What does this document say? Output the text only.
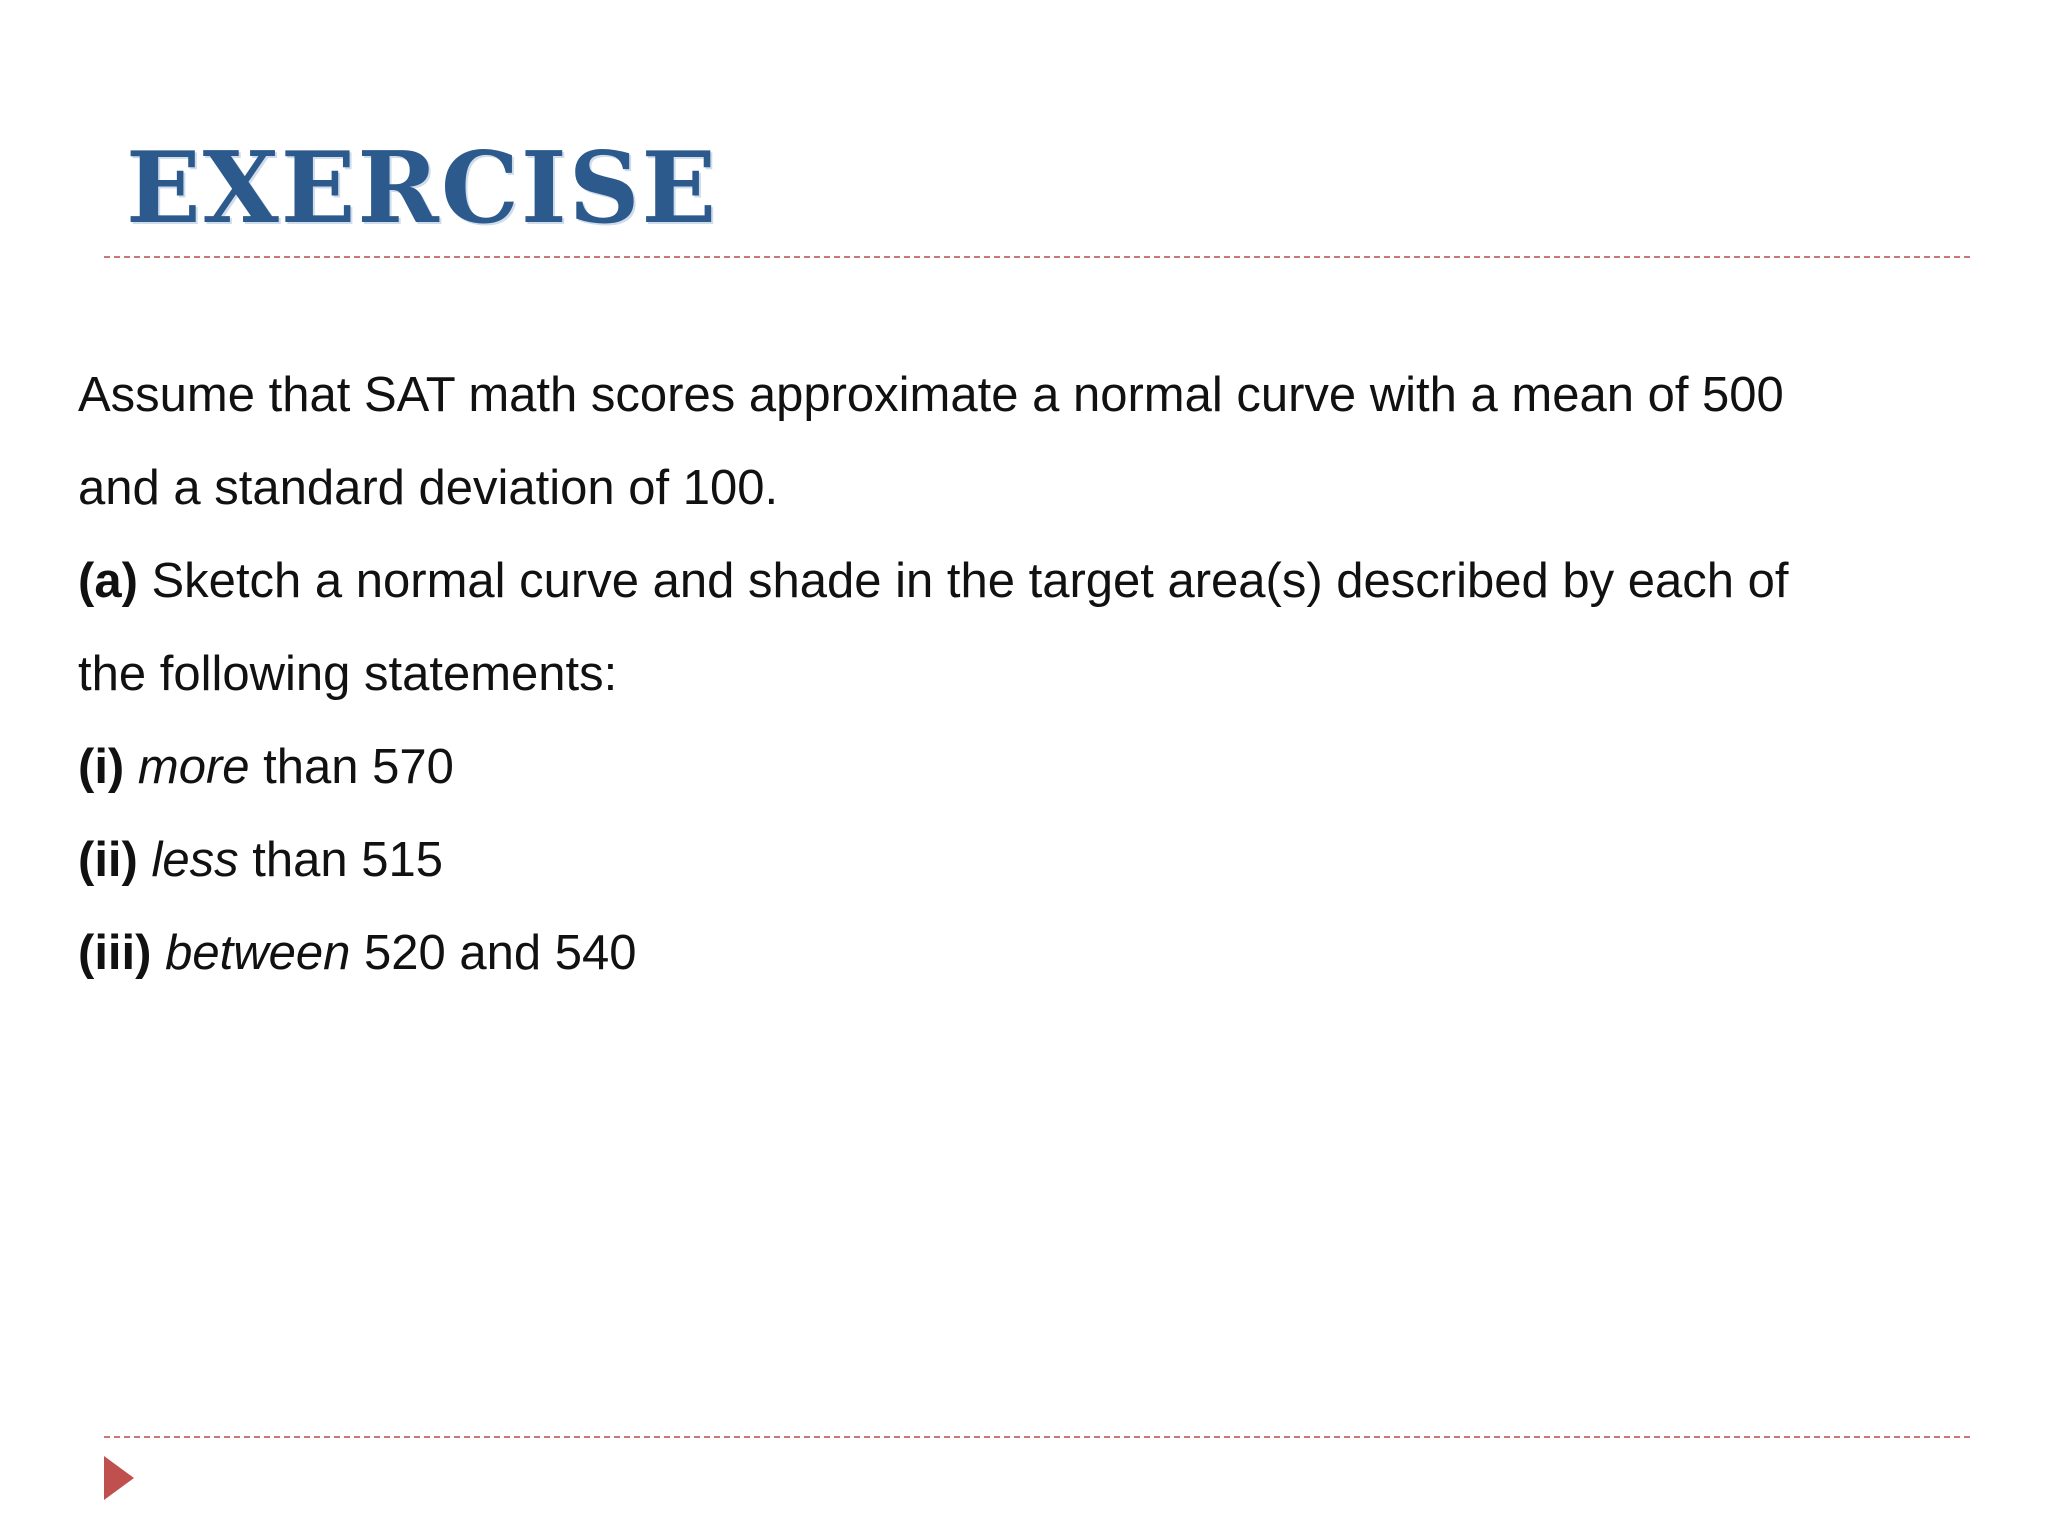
EXERCISE
Assume that SAT math scores approximate a normal curve with a mean of 500
and a standard deviation of 100.
(a) Sketch a normal curve and shade in the target area(s) described by each of
the following statements:
(i) more than 570
(ii) less than 515
(iii) between 520 and 540
